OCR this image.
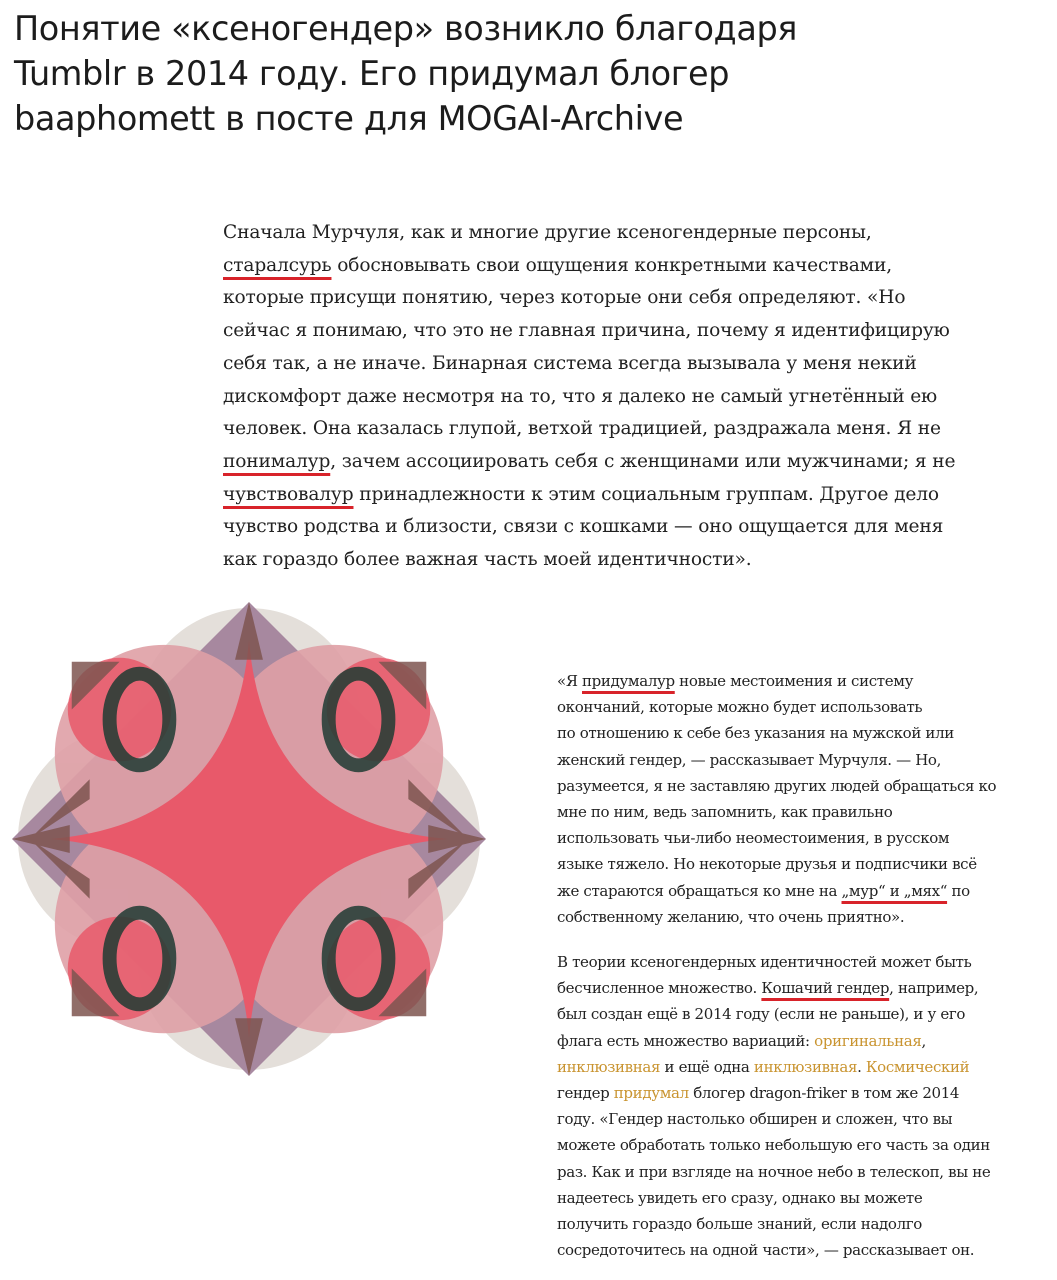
Понятие «ксеногендер» возникло благодаря
Tumblr в 2014 году. Его придумал блогер
baaphomett в посте для MOGAI-Archive
Сначала Мурчуля, как и многие другие ксеногендерные персоны,
старалсурь обосновывать свои ощущения конкретными качествами,
которые присущи понятию, через которые они себя определяют. «Но
сейчас я понимаю, что это не главная причина, почему я идентифицирую
себя так, а не иначе. Бинарная система всегда вызывала у меня некий
дискомфорт даже несмотря на то, что я далеко не самый угнетённый ею
человек. Она казалась глупой, ветхой традицией, раздражала меня. Я не
понималур, зачем ассоциировать себя с женщинами или мужчинами; я не
чувствовалур принадлежности к этим социальным группам. Другое дело
чувство родства и близости, связи с кошками — оно ощущается для меня
как гораздо более важная часть моей идентичности».
«Я придумалур новые местоимения и систему
окончаний, которые можно будет использовать
по отношению к себе без указания на мужской или
женский гендер, — рассказывает Мурчуля. — Но,
разумеется, я не заставляю других людей обращаться ко
мне по ним, ведь запомнить, как правильно
использовать чьи-либо неоместоимения, в русском
языке тяжело. Но некоторые друзья и подписчики всё
же стараются обращаться ко мне на „мур“ и „мях“ по
собственному желанию, что очень приятно».
В теории ксеногендерных идентичностей может быть
бесчисленное множество. Кошачий гендер, например,
был создан ещё в 2014 году (если не раньше), и у его
флага есть множество вариаций: оригинальная,
инклюзивная и ещё одна инклюзивная. Космический
гендер придумал блогер dragon-friker в том же 2014
году. «Гендер настолько обширен и сложен, что вы
можете обработать только небольшую его часть за один
раз. Как и при взгляде на ночное небо в телескоп, вы не
надеетесь увидеть его сразу, однако вы можете
получить гораздо больше знаний, если надолго
сосредоточитесь на одной части», — рассказывает он.
